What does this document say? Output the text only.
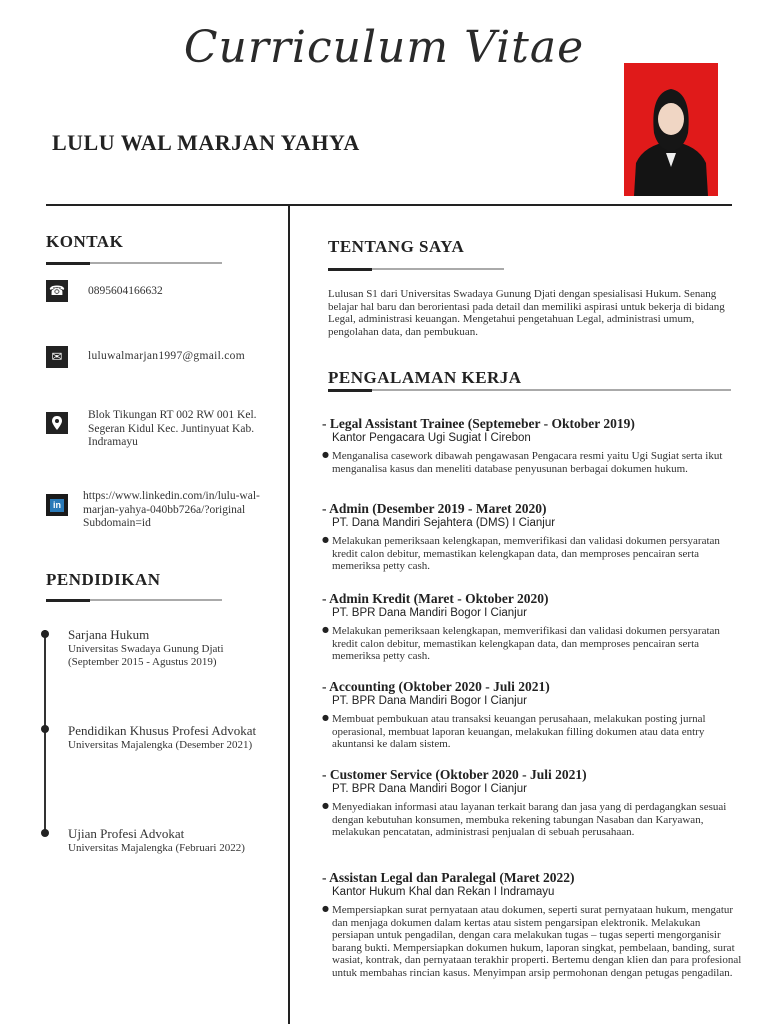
Curriculum Vitae
LULU WAL MARJAN YAHYA
KONTAK
☎ 0895604166632
✉	luluwalmarjan1997@gmail.com
Blok Tikungan RT 002 RW 001 Kel. Segeran Kidul Kec. Juntinyuat Kab. Indramayu
in
https://www.linkedin.com/in/lulu-wal-marjan-yahya-040bb726a/?original Subdomain=id
PENDIDIKAN
Sarjana Hukum
Universitas Swadaya Gunung Djati
(September 2015 - Agustus 2019)
Pendidikan Khusus Profesi Advokat
Universitas Majalengka (Desember 2021)
Ujian Profesi Advokat
Universitas Majalengka (Februari 2022)
TENTANG SAYA
Lulusan S1 dari Universitas Swadaya Gunung Djati dengan spesialisasi Hukum. Senang belajar hal baru dan berorientasi pada detail dan memiliki aspirasi untuk bekerja di bidang Legal, administrasi keuangan. Mengetahui pengetahuan Legal, administrasi umum, pengolahan data, dan pembukuan.
PENGALAMAN KERJA
- Legal Assistant Trainee (Septemeber - Oktober 2019)
Kantor Pengacara Ugi Sugiat I Cirebon
● Menganalisa casework dibawah pengawasan Pengacara resmi yaitu Ugi Sugiat serta ikut menganalisa kasus dan meneliti database penyusunan berbagai dokumen hukum.
- Admin (Desember 2019 - Maret 2020)
PT. Dana Mandiri Sejahtera (DMS) I Cianjur
● Melakukan pemeriksaan kelengkapan, memverifikasi dan validasi dokumen persyaratan kredit calon debitur, memastikan kelengkapan data, dan memproses pencairan serta memeriksa petty cash.
- Admin Kredit (Maret - Oktober 2020)
PT. BPR Dana Mandiri Bogor I Cianjur
● Melakukan pemeriksaan kelengkapan, memverifikasi dan validasi dokumen persyaratan kredit calon debitur, memastikan kelengkapan data, dan memproses pencairan serta memeriksa petty cash.
- Accounting (Oktober 2020 - Juli 2021)
PT. BPR Dana Mandiri Bogor I Cianjur
● Membuat pembukuan atau transaksi keuangan perusahaan, melakukan posting jurnal operasional, membuat laporan keuangan, melakukan filling dokumen atau data entry akuntansi ke dalam sistem.
- Customer Service (Oktober 2020 - Juli 2021)
PT. BPR Dana Mandiri Bogor I Cianjur
● Menyediakan informasi atau layanan terkait barang dan jasa yang di perdagangkan sesuai dengan kebutuhan konsumen, membuka rekening tabungan Nasaban dan Karyawan, melakukan pencatatan, administrasi penjualan di sebuah perusahaan.
- Assistan Legal dan Paralegal (Maret 2022)
Kantor Hukum Khal dan Rekan I Indramayu
● Mempersiapkan surat pernyataan atau dokumen, seperti surat pernyataan hukum, mengatur dan menjaga dokumen dalam kertas atau sistem pengarsipan elektronik. Melakukan persiapan untuk pengadilan, dengan cara melakukan tugas – tugas seperti mengorganisir barang bukti. Mempersiapkan dokumen hukum, laporan singkat, pembelaan, banding, surat wasiat, kontrak, dan pernyataan terakhir properti. Bertemu dengan klien dan para profesional untuk membahas rincian kasus. Menyimpan arsip permohonan dengan petugas pengadilan.
